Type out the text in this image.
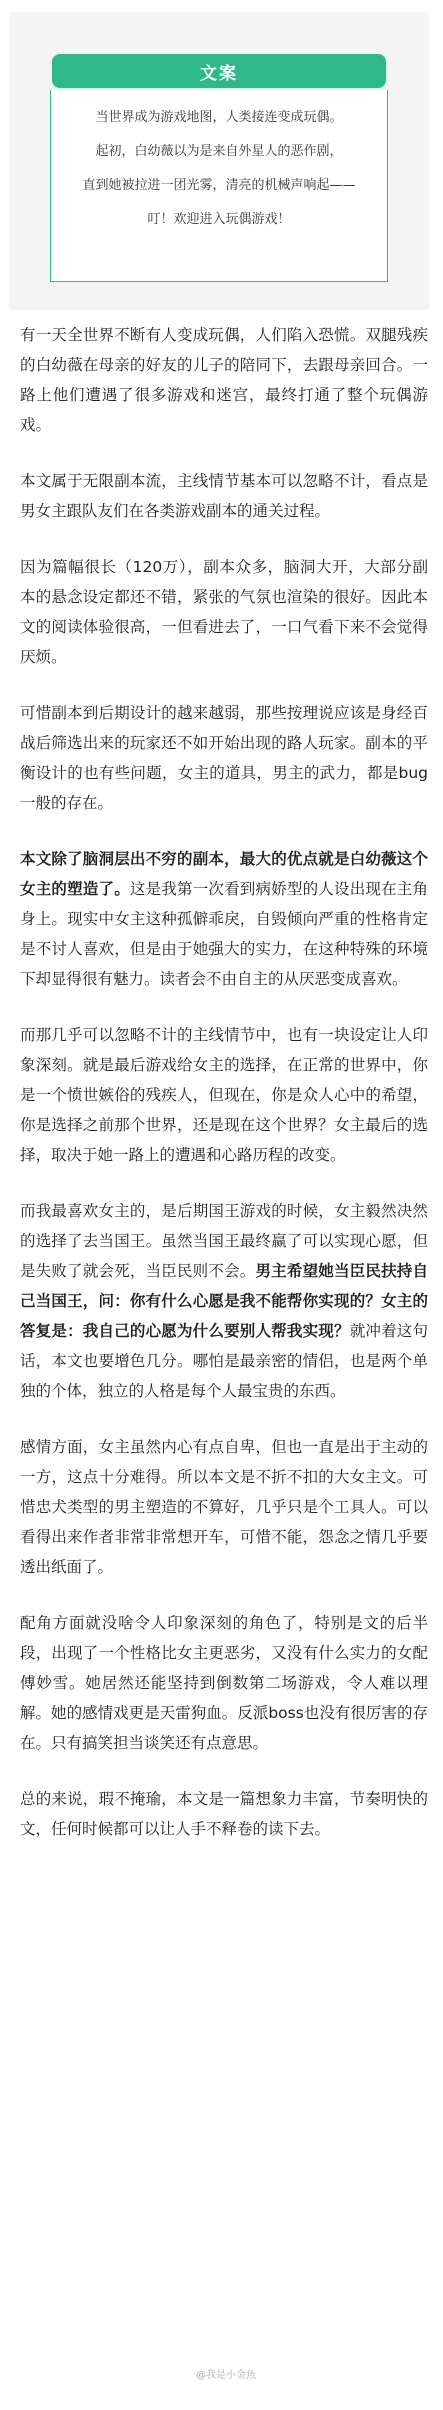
文案
当世界成为游戏地图，人类接连变成玩偶。
起初，白幼薇以为是来自外星人的恶作剧，
直到她被拉进一团光雾，清亮的机械声响起——
叮！欢迎进入玩偶游戏！

有一天全世界不断有人变成玩偶，人们陷入恐慌。双腿残疾的白幼薇在母亲的好友的儿子的陪同下，去跟母亲回合。一路上他们遭遇了很多游戏和迷宫，最终打通了整个玩偶游戏。

本文属于无限副本流，主线情节基本可以忽略不计，看点是男女主跟队友们在各类游戏副本的通关过程。

因为篇幅很长（120万），副本众多，脑洞大开，大部分副本的悬念设定都还不错，紧张的气氛也渲染的很好。因此本文的阅读体验很高，一但看进去了，一口气看下来不会觉得厌烦。

可惜副本到后期设计的越来越弱，那些按理说应该是身经百战后筛选出来的玩家还不如开始出现的路人玩家。副本的平衡设计的也有些问题，女主的道具，男主的武力，都是bug一般的存在。

本文除了脑洞层出不穷的副本，最大的优点就是白幼薇这个女主的塑造了。这是我第一次看到病娇型的人设出现在主角身上。现实中女主这种孤僻乖戾，自毁倾向严重的性格肯定是不讨人喜欢，但是由于她强大的实力，在这种特殊的环境下却显得很有魅力。读者会不由自主的从厌恶变成喜欢。

而那几乎可以忽略不计的主线情节中，也有一块设定让人印象深刻。就是最后游戏给女主的选择，在正常的世界中，你是一个愤世嫉俗的残疾人，但现在，你是众人心中的希望，你是选择之前那个世界，还是现在这个世界？女主最后的选择，取决于她一路上的遭遇和心路历程的改变。

而我最喜欢女主的，是后期国王游戏的时候，女主毅然决然的选择了去当国王。虽然当国王最终赢了可以实现心愿，但是失败了就会死，当臣民则不会。男主希望她当臣民扶持自己当国王，问：你有什么心愿是我不能帮你实现的？女主的答复是：我自己的心愿为什么要别人帮我实现？就冲着这句话，本文也要增色几分。哪怕是最亲密的情侣，也是两个单独的个体，独立的人格是每个人最宝贵的东西。

感情方面，女主虽然内心有点自卑，但也一直是出于主动的一方，这点十分难得。所以本文是不折不扣的大女主文。可惜忠犬类型的男主塑造的不算好，几乎只是个工具人。可以看得出来作者非常非常想开车，可惜不能，怨念之情几乎要透出纸面了。

配角方面就没啥令人印象深刻的角色了，特别是文的后半段，出现了一个性格比女主更恶劣，又没有什么实力的女配傅妙雪。她居然还能坚持到倒数第二场游戏，令人难以理解。她的感情戏更是天雷狗血。反派boss也没有很厉害的存在。只有搞笑担当谈笑还有点意思。

总的来说，瑕不掩瑜，本文是一篇想象力丰富，节奏明快的文，任何时候都可以让人手不释卷的读下去。

@我是小金魚
